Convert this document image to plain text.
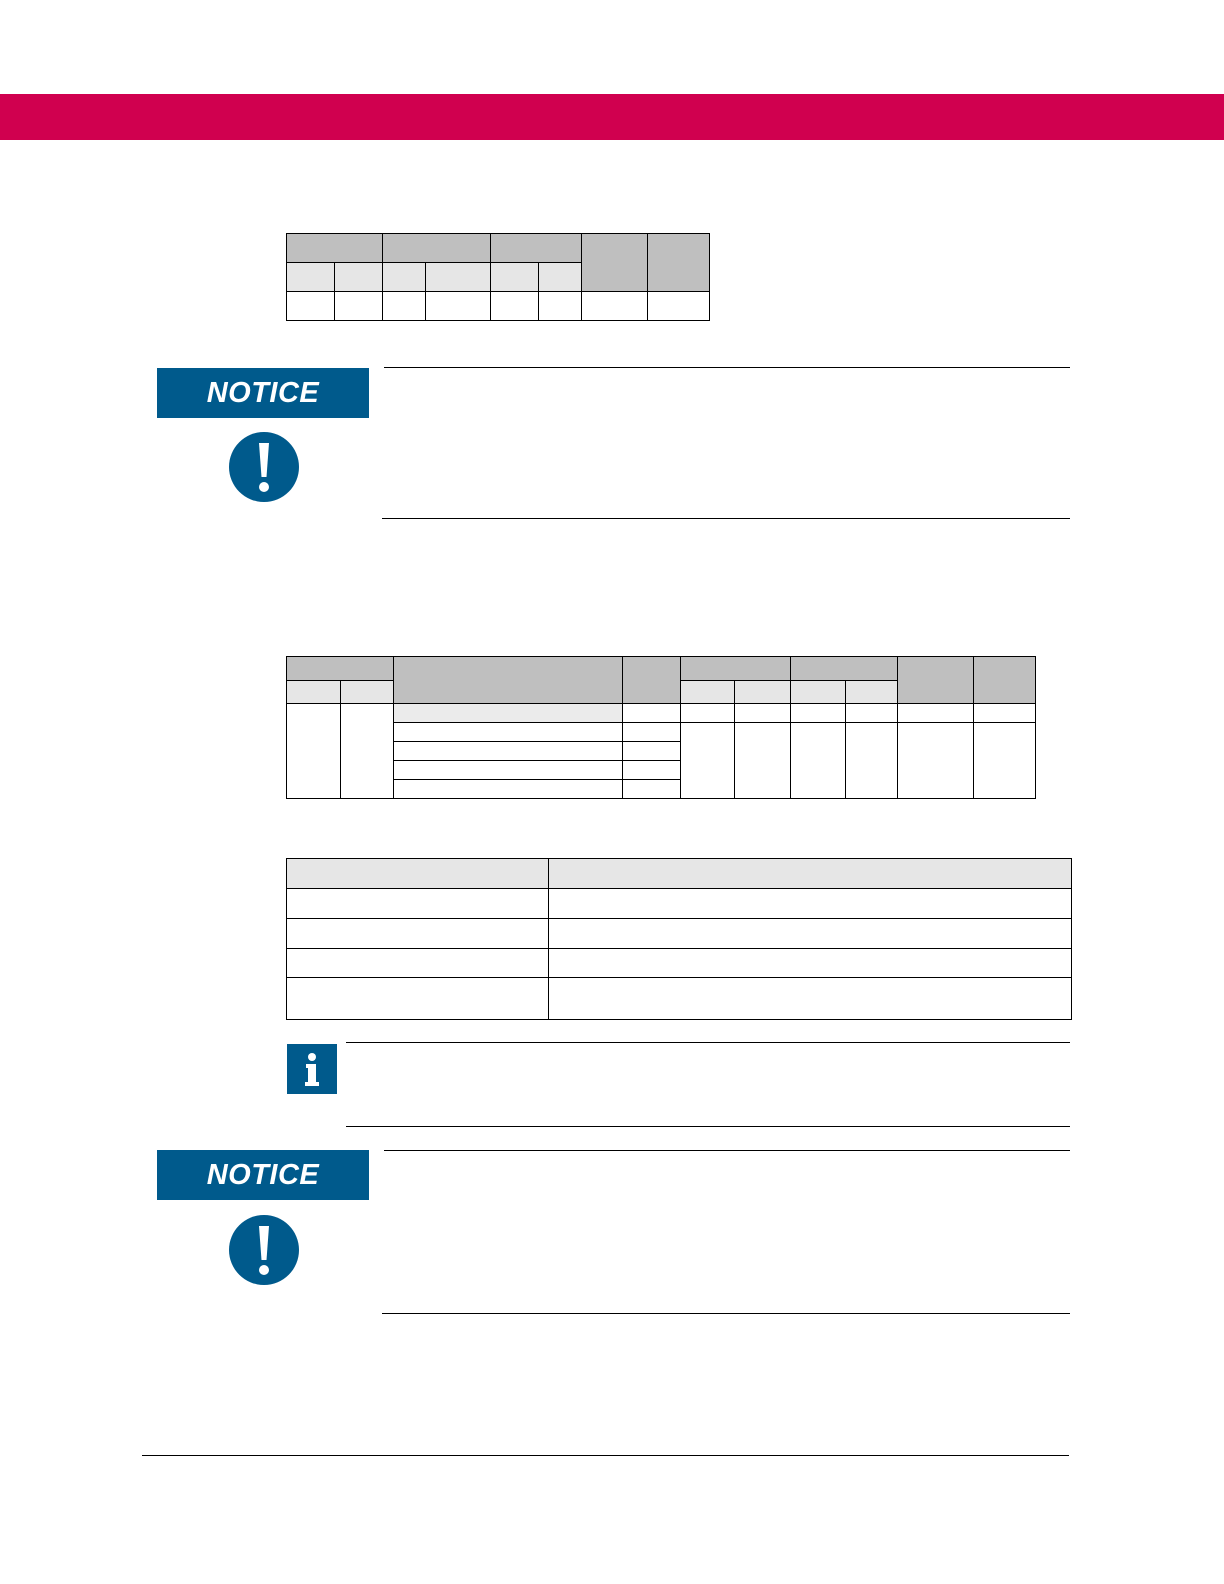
NOTICE

NOTICE
